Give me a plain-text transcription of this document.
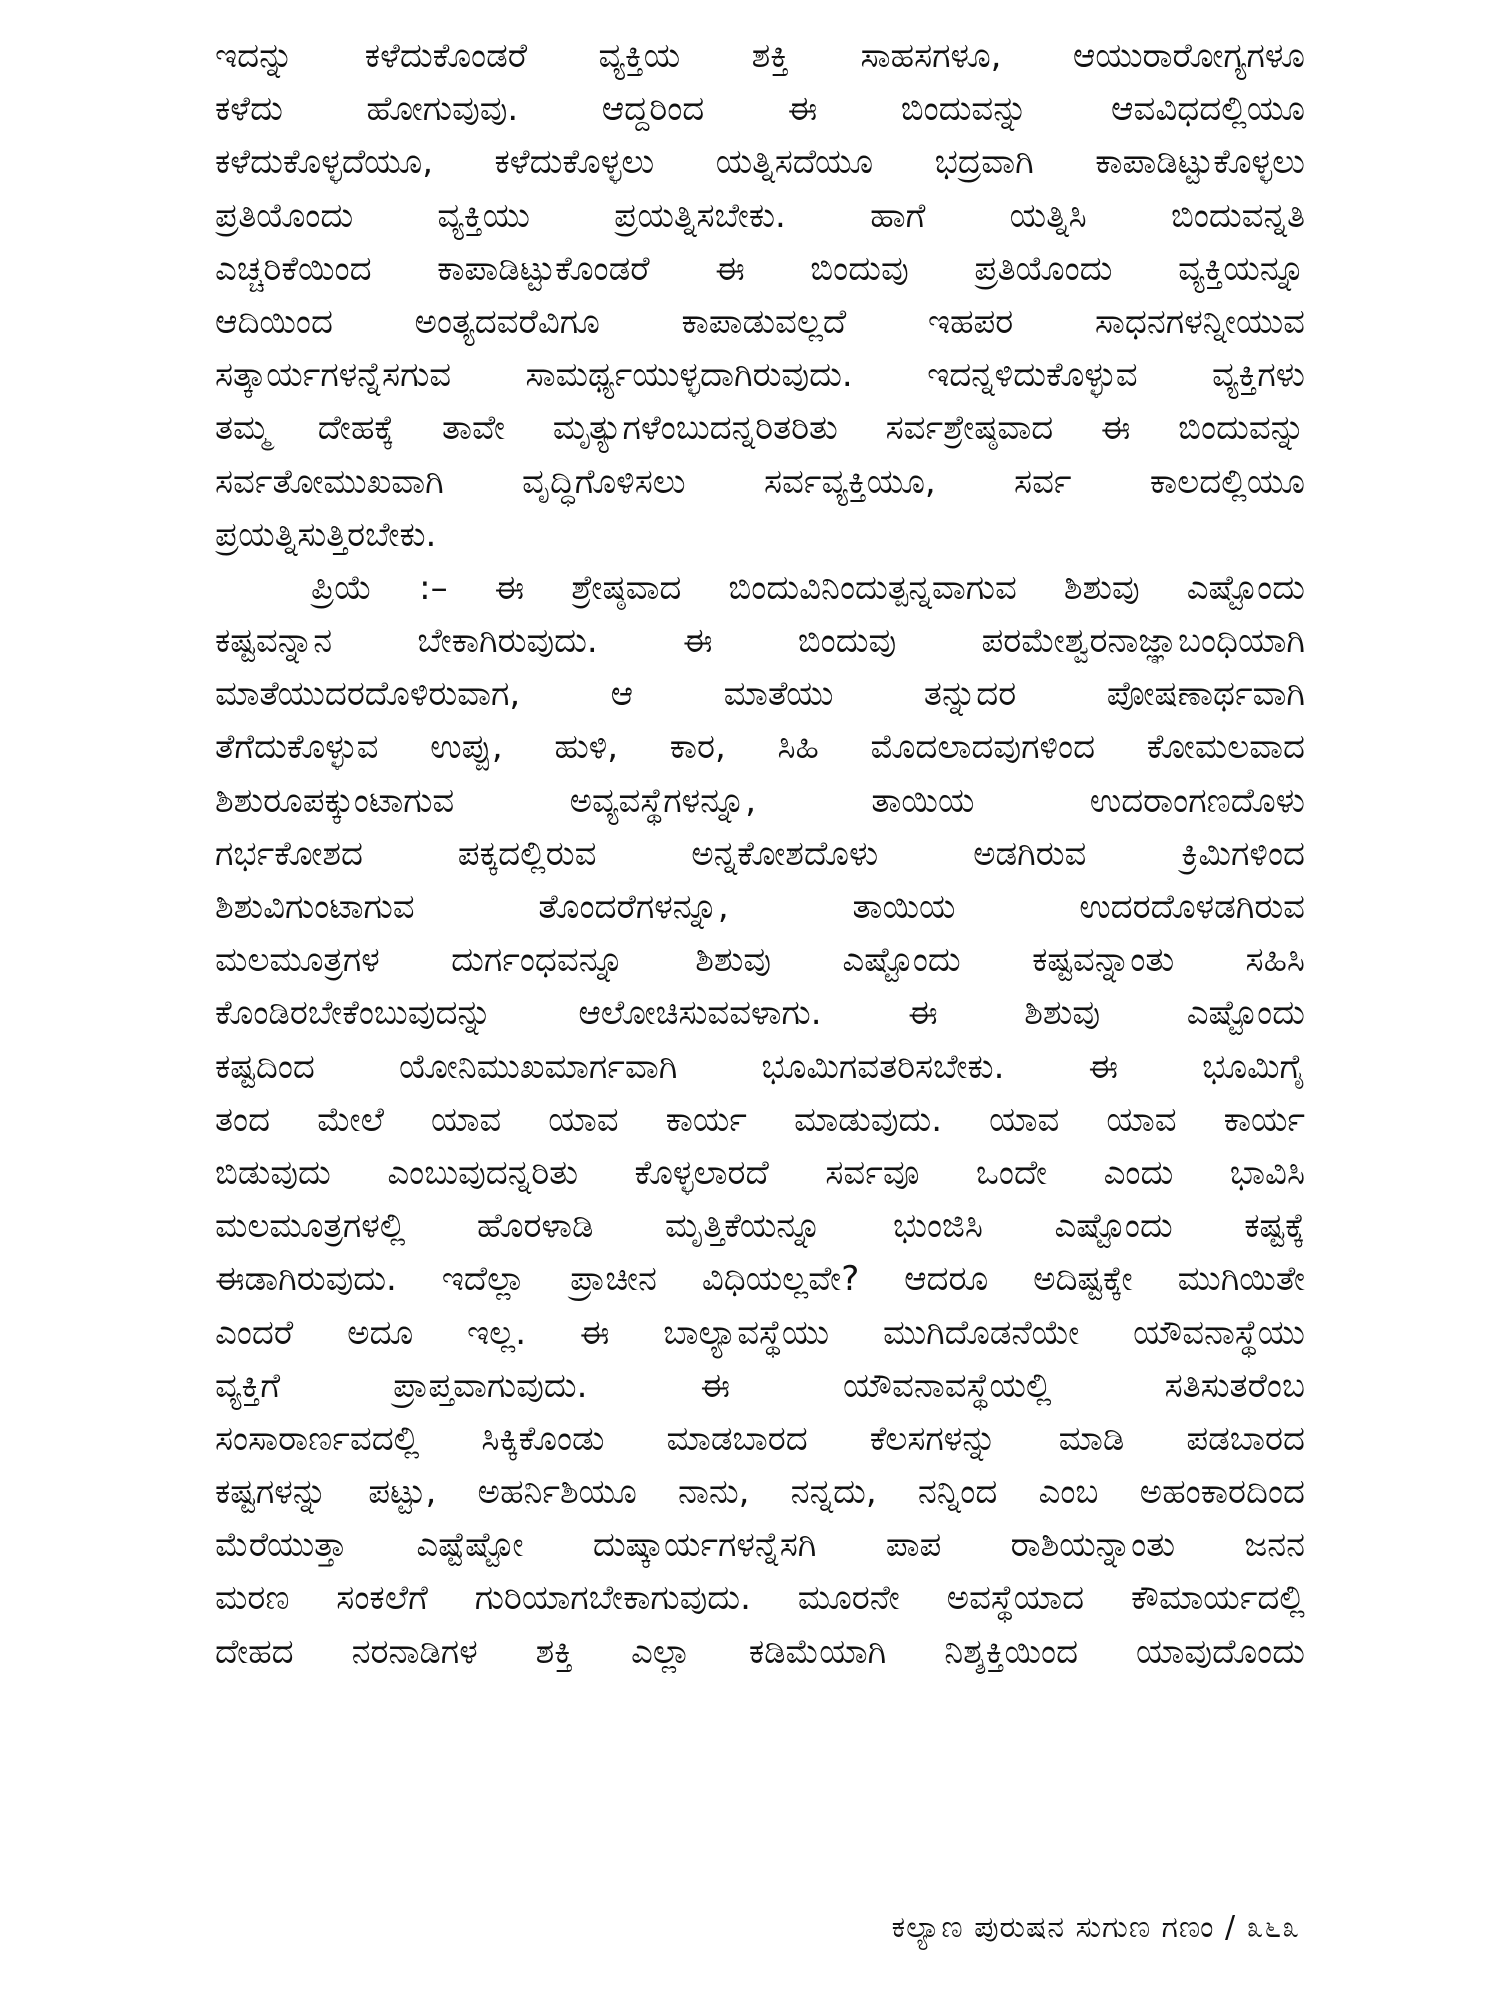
ಇದನ್ನು ಕಳೆದುಕೊಂಡರೆ ವ್ಯಕ್ತಿಯ ಶಕ್ತಿ ಸಾಹಸಗಳೂ, ಆಯುರಾರೋಗ್ಯಗಳೂ
ಕಳೆದು ಹೋಗುವುವು. ಆದ್ದರಿಂದ ಈ ಬಿಂದುವನ್ನು ಆವವಿಧದಲ್ಲಿಯೂ
ಕಳೆದುಕೊಳ್ಳದೆಯೂ, ಕಳೆದುಕೊಳ್ಳಲು ಯತ್ನಿಸದೆಯೂ ಭದ್ರವಾಗಿ ಕಾಪಾಡಿಟ್ಟುಕೊಳ್ಳಲು
ಪ್ರತಿಯೊಂದು ವ್ಯಕ್ತಿಯು ಪ್ರಯತ್ನಿಸಬೇಕು. ಹಾಗೆ ಯತ್ನಿಸಿ ಬಿಂದುವನ್ನತಿ
ಎಚ್ಚರಿಕೆಯಿಂದ ಕಾಪಾಡಿಟ್ಟುಕೊಂಡರೆ ಈ ಬಿಂದುವು ಪ್ರತಿಯೊಂದು ವ್ಯಕ್ತಿಯನ್ನೂ
ಆದಿಯಿಂದ ಅಂತ್ಯದವರೆವಿಗೂ ಕಾಪಾಡುವಲ್ಲದೆ ಇಹಪರ ಸಾಧನಗಳನ್ನೀಯುವ
ಸತ್ಕಾರ್ಯಗಳನ್ನೆಸಗುವ ಸಾಮರ್ಥ್ಯಯುಳ್ಳದಾಗಿರುವುದು. ಇದನ್ನಳಿದುಕೊಳ್ಳುವ ವ್ಯಕ್ತಿಗಳು
ತಮ್ಮ ದೇಹಕ್ಕೆ ತಾವೇ ಮೃತ್ಯುಗಳೆಂಬುದನ್ನರಿತರಿತು ಸರ್ವಶ್ರೇಷ್ಠವಾದ ಈ ಬಿಂದುವನ್ನು
ಸರ್ವತೋಮುಖವಾಗಿ ವೃದ್ಧಿಗೊಳಿಸಲು ಸರ್ವವ್ಯಕ್ತಿಯೂ, ಸರ್ವ ಕಾಲದಲ್ಲಿಯೂ
ಪ್ರಯತ್ನಿಸುತ್ತಿರಬೇಕು.
ಪ್ರಿಯೆ :– ಈ ಶ್ರೇಷ್ಠವಾದ ಬಿಂದುವಿನಿಂದುತ್ಪನ್ನವಾಗುವ ಶಿಶುವು ಎಷ್ಟೊಂದು
ಕಷ್ಟವನ್ನಾನ ಬೇಕಾಗಿರುವುದು. ಈ ಬಿಂದುವು ಪರಮೇಶ್ವರನಾಜ್ಞಾಬಂಧಿಯಾಗಿ
ಮಾತೆಯುದರದೊಳಿರುವಾಗ, ಆ ಮಾತೆಯು ತನ್ನುದರ ಪೋಷಣಾರ್ಥವಾಗಿ
ತೆಗೆದುಕೊಳ್ಳುವ ಉಪ್ಪು, ಹುಳಿ, ಕಾರ, ಸಿಹಿ ಮೊದಲಾದವುಗಳಿಂದ ಕೋಮಲವಾದ
ಶಿಶುರೂಪಕ್ಕುಂಟಾಗುವ ಅವ್ಯವಸ್ಥೆಗಳನ್ನೂ, ತಾಯಿಯ ಉದರಾಂಗಣದೊಳು
ಗರ್ಭಕೋಶದ ಪಕ್ಕದಲ್ಲಿರುವ ಅನ್ನಕೋಶದೊಳು ಅಡಗಿರುವ ಕ್ರಿಮಿಗಳಿಂದ
ಶಿಶುವಿಗುಂಟಾಗುವ ತೊಂದರೆಗಳನ್ನೂ, ತಾಯಿಯ ಉದರದೊಳಡಗಿರುವ
ಮಲಮೂತ್ರಗಳ ದುರ್ಗಂಧವನ್ನೂ ಶಿಶುವು ಎಷ್ಟೊಂದು ಕಷ್ಟವನ್ನಾಂತು ಸಹಿಸಿ
ಕೊಂಡಿರಬೇಕೆಂಬುವುದನ್ನು ಆಲೋಚಿಸುವವಳಾಗು. ಈ ಶಿಶುವು ಎಷ್ಟೊಂದು
ಕಷ್ಟದಿಂದ ಯೋನಿಮುಖಮಾರ್ಗವಾಗಿ ಭೂಮಿಗವತರಿಸಬೇಕು. ಈ ಭೂಮಿಗೈ
ತಂದ ಮೇಲೆ ಯಾವ ಯಾವ ಕಾರ್ಯ ಮಾಡುವುದು. ಯಾವ ಯಾವ ಕಾರ್ಯ
ಬಿಡುವುದು ಎಂಬುವುದನ್ನರಿತು ಕೊಳ್ಳಲಾರದೆ ಸರ್ವವೂ ಒಂದೇ ಎಂದು ಭಾವಿಸಿ
ಮಲಮೂತ್ರಗಳಲ್ಲಿ ಹೊರಳಾಡಿ ಮೃತ್ತಿಕೆಯನ್ನೂ ಭುಂಜಿಸಿ ಎಷ್ಟೊಂದು ಕಷ್ಟಕ್ಕೆ
ಈಡಾಗಿರುವುದು. ಇದೆಲ್ಲಾ ಪ್ರಾಚೀನ ವಿಧಿಯಲ್ಲವೇ? ಆದರೂ ಅದಿಷ್ಟಕ್ಕೇ ಮುಗಿಯಿತೇ
ಎಂದರೆ ಅದೂ ಇಲ್ಲ. ಈ ಬಾಲ್ಯಾವಸ್ಥೆಯು ಮುಗಿದೊಡನೆಯೇ ಯೌವನಾಸ್ಥೆಯು
ವ್ಯಕ್ತಿಗೆ ಪ್ರಾಪ್ತವಾಗುವುದು. ಈ ಯೌವನಾವಸ್ಥೆಯಲ್ಲಿ ಸತಿಸುತರೆಂಬ
ಸಂಸಾರಾರ್ಣವದಲ್ಲಿ ಸಿಕ್ಕಿಕೊಂಡು ಮಾಡಬಾರದ ಕೆಲಸಗಳನ್ನು ಮಾಡಿ ಪಡಬಾರದ
ಕಷ್ಟಗಳನ್ನು ಪಟ್ಟು, ಅಹರ್ನಿಶಿಯೂ ನಾನು, ನನ್ನದು, ನನ್ನಿಂದ ಎಂಬ ಅಹಂಕಾರದಿಂದ
ಮೆರೆಯುತ್ತಾ ಎಷ್ಟೆಷ್ಟೋ ದುಷ್ಕಾರ್ಯಗಳನ್ನೆಸಗಿ ಪಾಪ ರಾಶಿಯನ್ನಾಂತು ಜನನ
ಮರಣ ಸಂಕಲೆಗೆ ಗುರಿಯಾಗಬೇಕಾಗುವುದು. ಮೂರನೇ ಅವಸ್ಥೆಯಾದ ಕೌಮಾರ್ಯದಲ್ಲಿ
ದೇಹದ ನರನಾಡಿಗಳ ಶಕ್ತಿ ಎಲ್ಲಾ ಕಡಿಮೆಯಾಗಿ ನಿಶ್ಶಕ್ತಿಯಿಂದ ಯಾವುದೊಂದು
ಕಲ್ಯಾಣ ಪುರುಷನ ಸುಗುಣ ಗಣಂ / ೩೬೩
